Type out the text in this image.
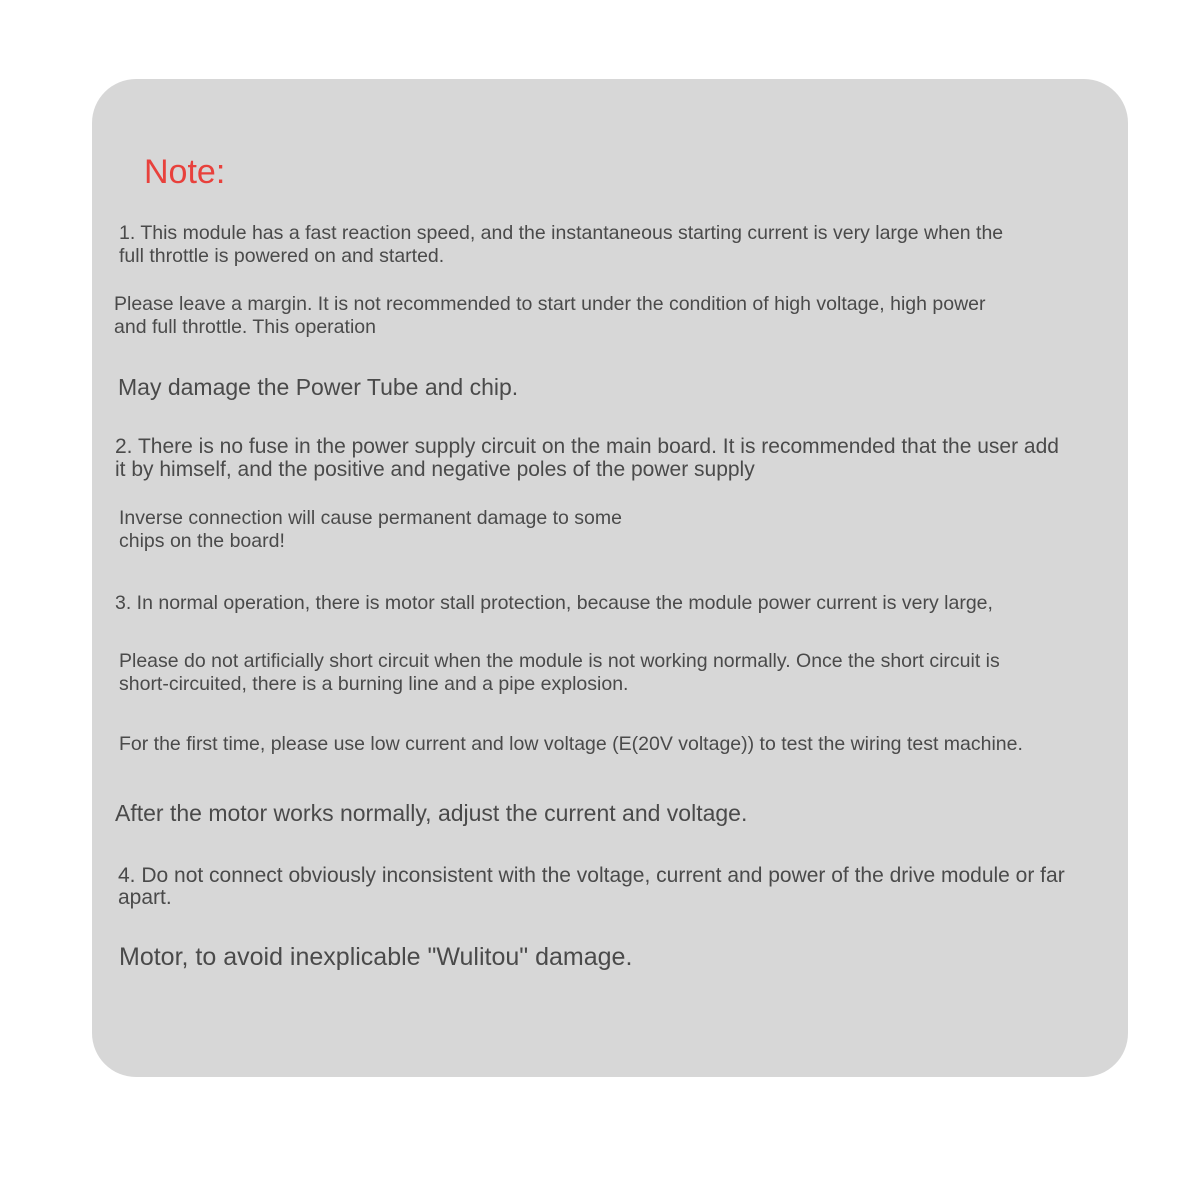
Note:
1. This module has a fast reaction speed, and the instantaneous starting current is very large when the
full throttle is powered on and started.
Please leave a margin. It is not recommended to start under the condition of high voltage, high power
and full throttle. This operation
May damage the Power Tube and chip.
2. There is no fuse in the power supply circuit on the main board. It is recommended that the user add
it by himself, and the positive and negative poles of the power supply
Inverse connection will cause permanent damage to some
chips on the board!
3. In normal operation, there is motor stall protection, because the module power current is very large,
Please do not artificially short circuit when the module is not working normally. Once the short circuit is
short-circuited, there is a burning line and a pipe explosion.
For the first time, please use low current and low voltage (E(20V voltage)) to test the wiring test machine.
After the motor works normally, adjust the current and voltage.
4. Do not connect obviously inconsistent with the voltage, current and power of the drive module or far
apart.
Motor, to avoid inexplicable "Wulitou" damage.
